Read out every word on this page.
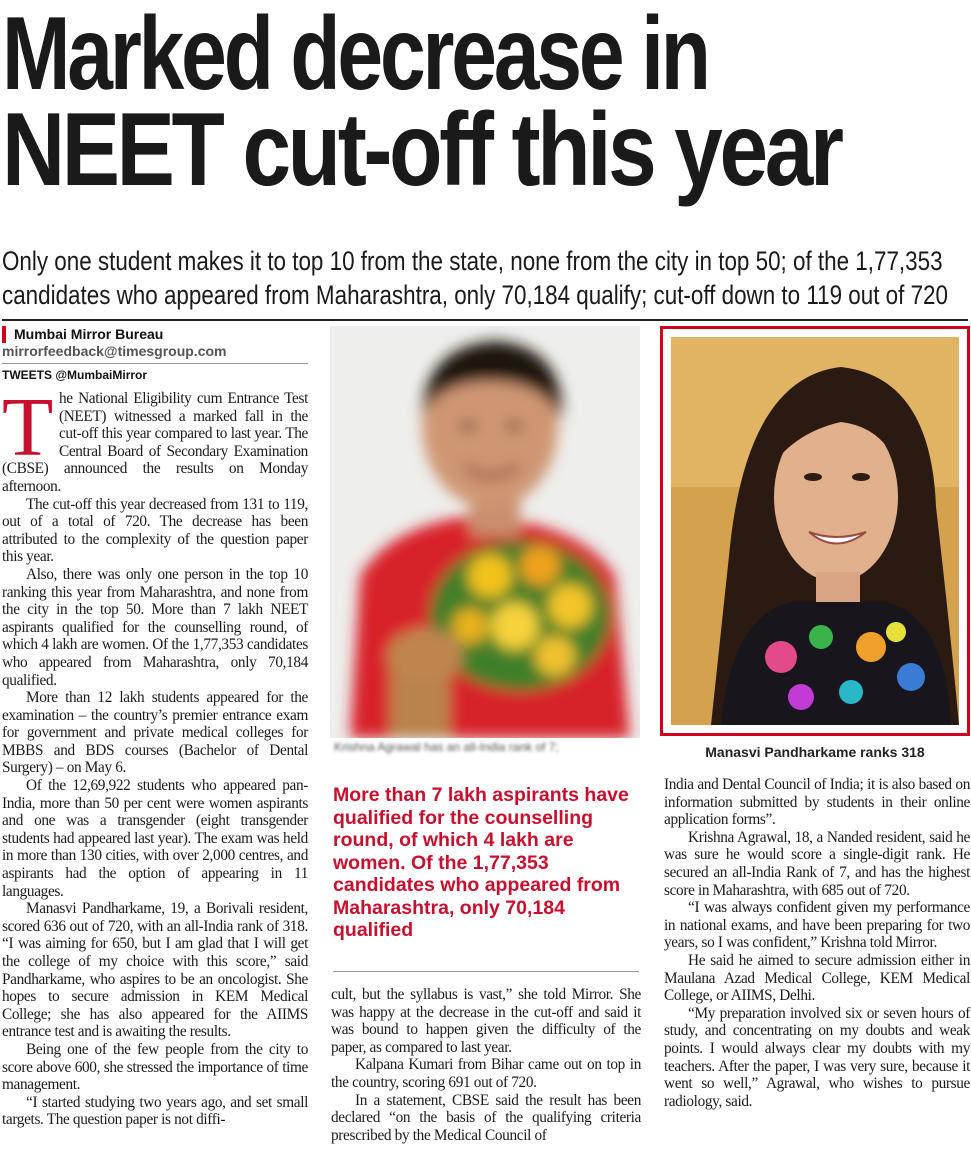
Marked decrease in
NEET cut-off this year
Only one student makes it to top 10 from the state, none from the city in top 50; of the 1,77,353
candidates who appeared from Maharashtra, only 70,184 qualify; cut-off down to 119 out of 720
Mumbai Mirror Bureau
mirrorfeedback@timesgroup.com
TWEETS @MumbaiMirror

The National Eligibility cum Entrance Test (NEET) witnessed a marked fall in the cut-off this year compared to last year. The Central Board of Secondary Examination (CBSE) announced the results on Monday afternoon.

The cut-off this year decreased from 131 to 119, out of a total of 720. The decrease has been attributed to the complexity of the question paper this year.

Also, there was only one person in the top 10 ranking this year from Maharashtra, and none from the city in the top 50. More than 7 lakh NEET aspirants qualified for the counselling round, of which 4 lakh are women. Of the 1,77,353 candidates who appeared from Maharashtra, only 70,184 qualified.

More than 12 lakh students appeared for the examination – the country’s premier entrance exam for government and private medical colleges for MBBS and BDS courses (Bachelor of Dental Surgery) – on May 6.

Of the 12,69,922 students who appeared pan-India, more than 50 per cent were women aspirants and one was a transgender (eight transgender students had appeared last year). The exam was held in more than 130 cities, with over 2,000 centres, and aspirants had the option of appearing in 11 languages.

Manasvi Pandharkame, 19, a Borivali resident, scored 636 out of 720, with an all-India rank of 318. “I was aiming for 650, but I am glad that I will get the college of my choice with this score,” said Pandharkame, who aspires to be an oncologist. She hopes to secure admission in KEM Medical College; she has also appeared for the AIIMS entrance test and is awaiting the results.

Being one of the few people from the city to score above 600, she stressed the importance of time management.

“I started studying two years ago, and set small targets. The question paper is not diffi-

Krishna Agrawal has an all-India rank of 7;	Manasvi Pandharkame ranks 318
More than 7 lakh aspirants have qualified for the counselling round, of which 4 lakh are women. Of the 1,77,353 candidates who appeared from Maharashtra, only 70,184 qualified

cult, but the syllabus is vast,” she told Mirror. She was happy at the decrease in the cut-off and said it was bound to happen given the difficulty of the paper, as compared to last year.

Kalpana Kumari from Bihar came out on top in the country, scoring 691 out of 720.

In a statement, CBSE said the result has been declared “on the basis of the qualifying criteria prescribed by the Medical Council of

India and Dental Council of India; it is also based on information submitted by students in their online application forms”.

Krishna Agrawal, 18, a Nanded resident, said he was sure he would score a single-digit rank. He secured an all-India Rank of 7, and has the highest score in Maharashtra, with 685 out of 720.

“I was always confident given my performance in national exams, and have been preparing for two years, so I was confident,” Krishna told Mirror.

He said he aimed to secure admission either in Maulana Azad Medical College, KEM Medical College, or AIIMS, Delhi.

“My preparation involved six or seven hours of study, and concentrating on my doubts and weak points. I would always clear my doubts with my teachers. After the paper, I was very sure, because it went so well,” Agrawal, who wishes to pursue radiology, said.
